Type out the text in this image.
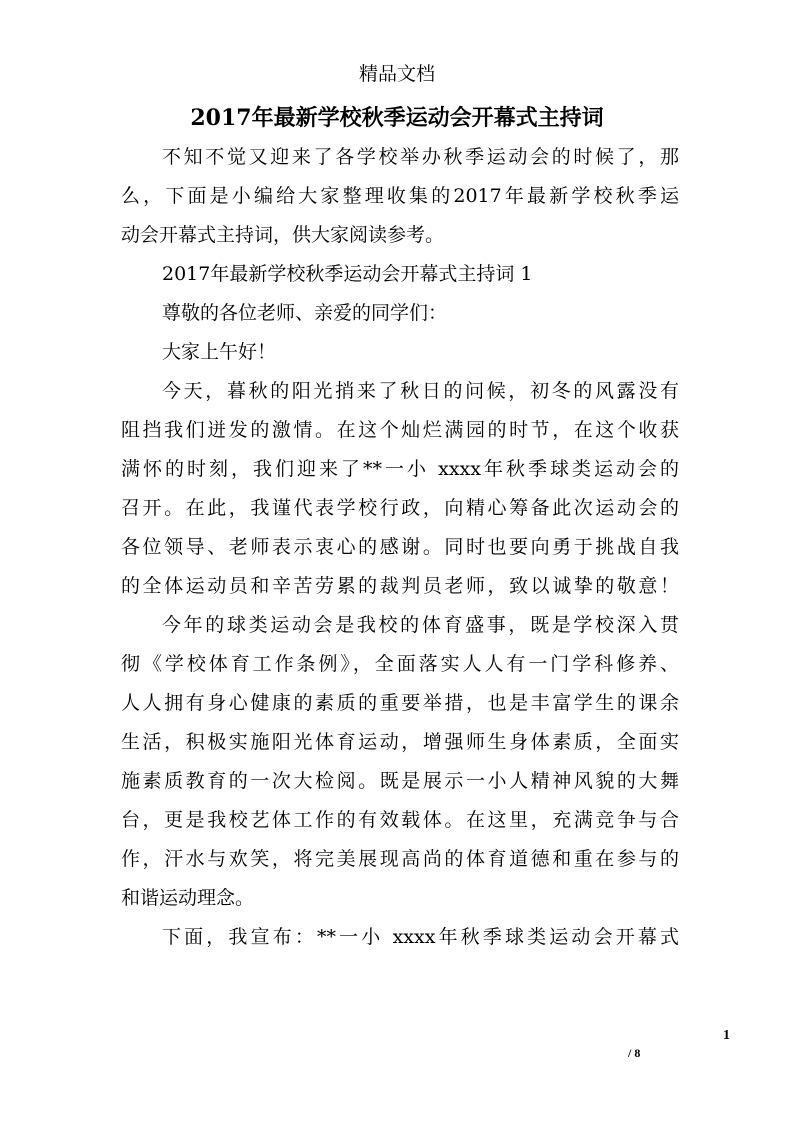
精品文档
2017年最新学校秋季运动会开幕式主持词
不知不觉又迎来了各学校举办秋季运动会的时候了，那
么，下面是小编给大家整理收集的2017年最新学校秋季运
动会开幕式主持词，供大家阅读参考。
2017年最新学校秋季运动会开幕式主持词 1
尊敬的各位老师、亲爱的同学们：
大家上午好！
今天，暮秋的阳光捎来了秋日的问候，初冬的风露没有
阻挡我们迸发的激情。在这个灿烂满园的时节，在这个收获
满怀的时刻，我们迎来了**一小 xxxx年秋季球类运动会的
召开。在此，我谨代表学校行政，向精心筹备此次运动会的
各位领导、老师表示衷心的感谢。同时也要向勇于挑战自我
的全体运动员和辛苦劳累的裁判员老师，致以诚挚的敬意！
今年的球类运动会是我校的体育盛事，既是学校深入贯
彻《学校体育工作条例》，全面落实人人有一门学科修养、
人人拥有身心健康的素质的重要举措，也是丰富学生的课余
生活，积极实施阳光体育运动，增强师生身体素质，全面实
施素质教育的一次大检阅。既是展示一小人精神风貌的大舞
台，更是我校艺体工作的有效载体。在这里，充满竞争与合
作，汗水与欢笑，将完美展现高尚的体育道德和重在参与的
和谐运动理念。
下面，我宣布：**一小 xxxx年秋季球类运动会开幕式
1
/ 8
